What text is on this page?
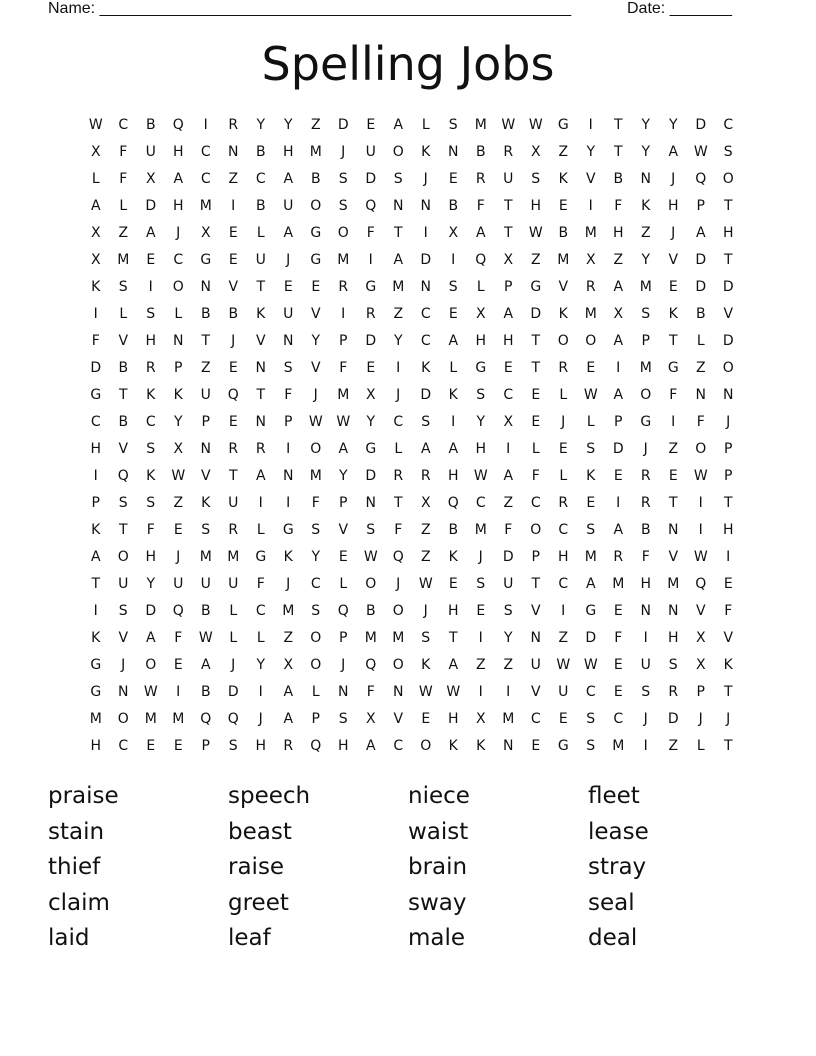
Name: _____________________________________________________	Date: _______
Spelling Jobs
W	C	B	Q	I	R	Y	Y	Z	D	E	A	L	S	M	W W	G	I	T	Y	Y	D	C
X	F	U	H	C	N	B	H	M	J	U	O	K	N	B	R	X	Z	Y	T	Y	A	W	S
L	F	X	A	C	Z	C	A	B	S	D	S	J	E	R	U	S	K	V	B	N	J	Q	O
A	L	D	H	M	I	B	U	O	S	Q	N	N	B	F	T	H	E	I	F	K	H	P	T
X	Z	A	J	X	E	L	A	G	O	F	T	I	X	A	T	W	B	M	H	Z	J	A	H
X	M	E	C	G	E	U	J	G	M	I	A	D	I	Q	X	Z	M	X	Z	Y	V	D	T
K	S	I	O	N	V	T	E	E	R	G	M	N	S	L	P	G	V	R	A	M	E	D	D
I	L	S	L	B	B	K	U	V	I	R	Z	C	E	X	A	D	K	M	X	S	K	B	V
F	V	H	N	T	J	V	N	Y	P	D	Y	C	A	H	H	T	O	O	A	P	T	L	D
D	B	R	P	Z	E	N	S	V	F	E	I	K	L	G	E	T	R	E	I	M	G	Z	O
G	T	K	K	U	Q	T	F	J	M	X	J	D	K	S	C	E	L	W	A	O	F	N	N
C	B	C	Y	P	E	N	P	W W	Y	C	S	I	Y	X	E	J	L	P	G	I	F	J
H	V	S	X	N	R	R	I	O	A	G	L	A	A	H	I	L	E	S	D	J	Z	O	P
I	Q	K	W	V	T	A	N	M	Y	D	R	R	H	W	A	F	L	K	E	R	E	W	P
P	S	S	Z	K	U	I	I	F	P	N	T	X	Q	C	Z	C	R	E	I	R	T	I	T
K	T	F	E	S	R	L	G	S	V	S	F	Z	B	M	F	O	C	S	A	B	N	I	H
A	O	H	J	M	M	G	K	Y	E	W	Q	Z	K	J	D	P	H	M	R	F	V	W	I
T	U	Y	U	U	U	F	J	C	L	O	J	W	E	S	U	T	C	A	M	H	M	Q	E
I	S	D	Q	B	L	C	M	S	Q	B	O	J	H	E	S	V	I	G	E	N	N	V	F
K	V	A	F	W	L	L	Z	O	P	M	M	S	T	I	Y	N	Z	D	F	I	H	X	V
G	J	O	E	A	J	Y	X	O	J	Q	O	K	A	Z	Z	U	W W	E	U	S	X	K
G	N	W	I	B	D	I	A	L	N	F	N	W W	I	I	V	U	C	E	S	R	P	T
M	O	M	M	Q	Q	J	A	P	S	X	V	E	H	X	M	C	E	S	C	J	D	J	J
H	C	E	E	P	S	H	R	Q	H	A	C	O	K	K	N	E	G	S	M	I	Z	L	T
praise	speech	niece	fleet
stain	beast	waist	lease
thief	raise	brain	stray
claim	greet	sway	seal
laid	leaf	male	deal
